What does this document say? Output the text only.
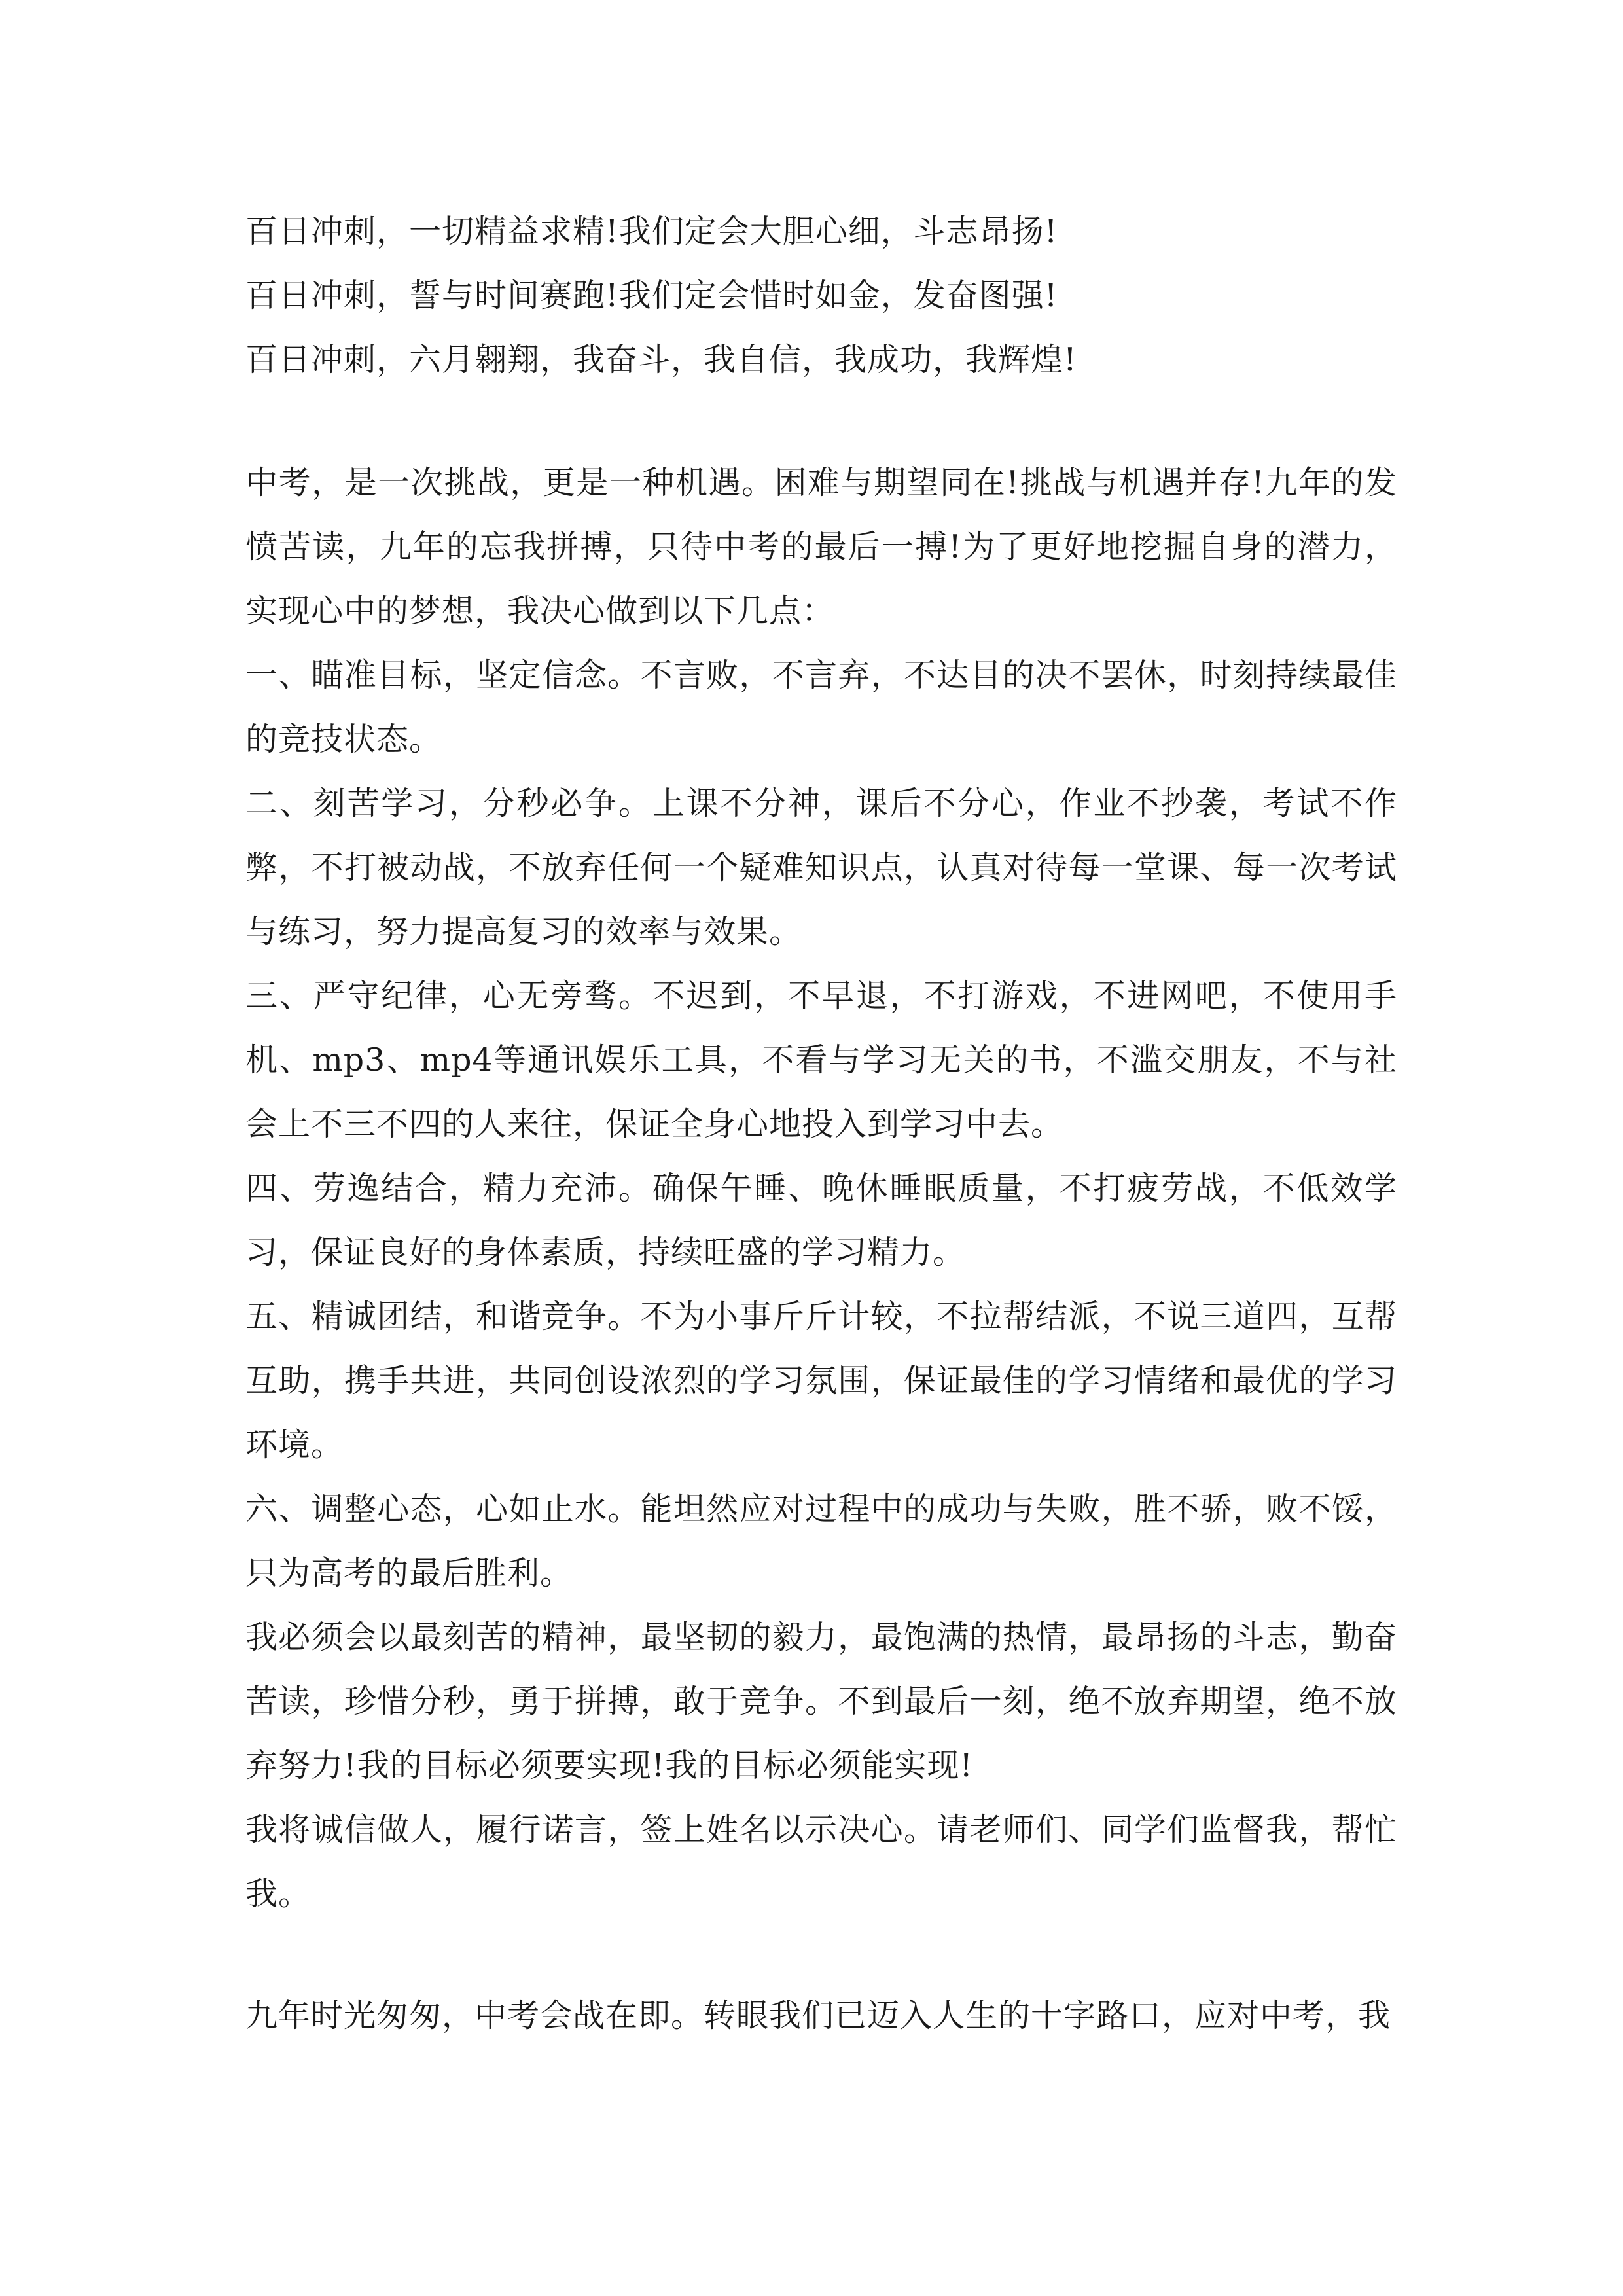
百日冲刺，一切精益求精!我们定会大胆心细，斗志昂扬!
百日冲刺，誓与时间赛跑!我们定会惜时如金，发奋图强!
百日冲刺，六月翱翔，我奋斗，我自信，我成功，我辉煌!
中考，是一次挑战，更是一种机遇。困难与期望同在!挑战与机遇并存!九年的发愤苦读，九年的忘我拼搏，只待中考的最后一搏!为了更好地挖掘自身的潜力，实现心中的梦想，我决心做到以下几点：
一、瞄准目标，坚定信念。不言败，不言弃，不达目的决不罢休，时刻持续最佳的竞技状态。
二、刻苦学习，分秒必争。上课不分神，课后不分心，作业不抄袭，考试不作弊，不打被动战，不放弃任何一个疑难知识点，认真对待每一堂课、每一次考试与练习，努力提高复习的效率与效果。
三、严守纪律，心无旁骛。不迟到，不早退，不打游戏，不进网吧，不使用手机、mp3、mp4等通讯娱乐工具，不看与学习无关的书，不滥交朋友，不与社会上不三不四的人来往，保证全身心地投入到学习中去。
四、劳逸结合，精力充沛。确保午睡、晚休睡眠质量，不打疲劳战，不低效学习，保证良好的身体素质，持续旺盛的学习精力。
五、精诚团结，和谐竞争。不为小事斤斤计较，不拉帮结派，不说三道四，互帮互助，携手共进，共同创设浓烈的学习氛围，保证最佳的学习情绪和最优的学习环境。
六、调整心态，心如止水。能坦然应对过程中的成功与失败，胜不骄，败不馁，只为高考的最后胜利。
我必须会以最刻苦的精神，最坚韧的毅力，最饱满的热情，最昂扬的斗志，勤奋苦读，珍惜分秒，勇于拼搏，敢于竞争。不到最后一刻，绝不放弃期望，绝不放弃努力!我的目标必须要实现!我的目标必须能实现!
我将诚信做人，履行诺言，签上姓名以示决心。请老师们、同学们监督我，帮忙我。
九年时光匆匆，中考会战在即。转眼我们已迈入人生的十字路口，应对中考，我
